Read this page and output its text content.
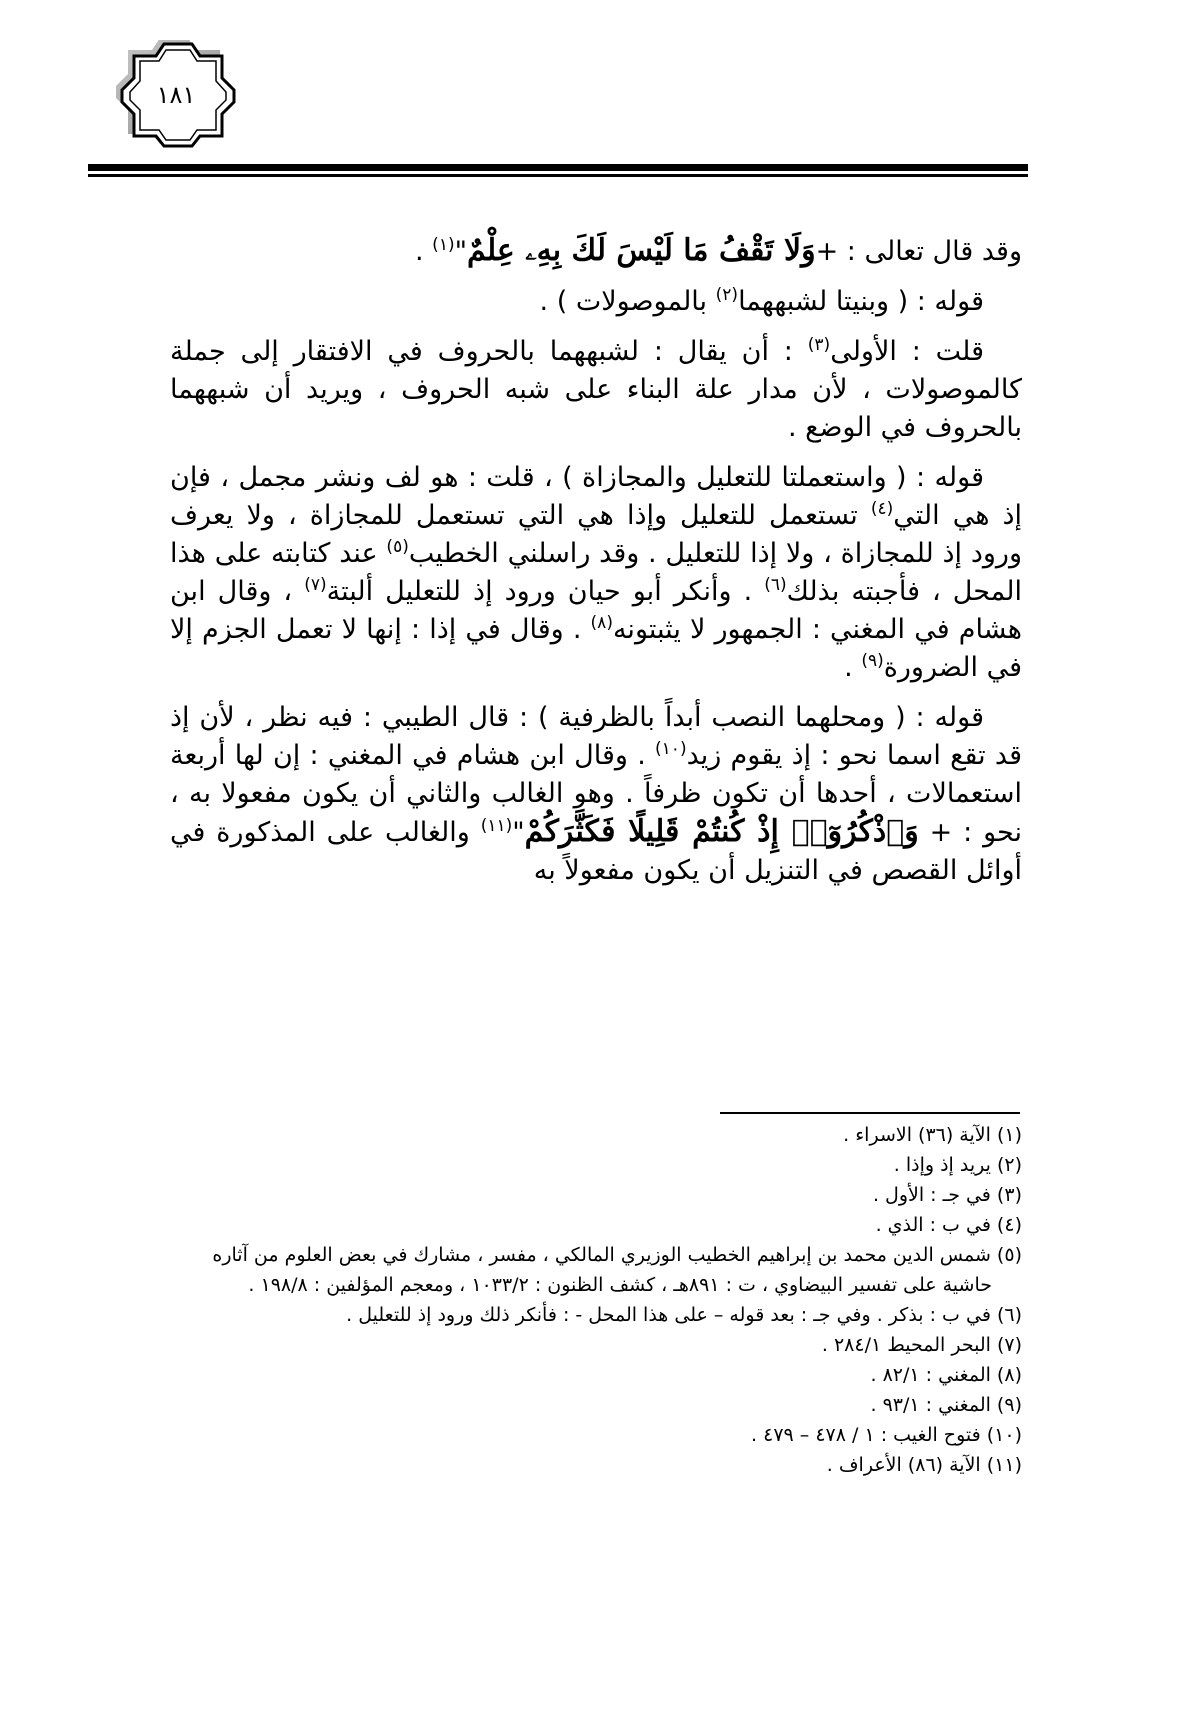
١٨١

وقد قال تعالى : +وَلَا تَقْفُ مَا لَيْسَ لَكَ بِهِۦ عِلْمٌ"$^{(١)}$ .

قوله : ( وبنيتا لشبههما$^{(٢)}$ بالموصولات ) .

قلت : الأولى$^{(٣)}$ : أن يقال : لشبههما بالحروف في الافتقار إلى جملة كالموصولات ، لأن مدار علة البناء على شبه الحروف ، ويريد أن شبههما بالحروف في الوضع .

قوله : ( واستعملتا للتعليل والمجازاة ) ، قلت : هو لف ونشر مجمل ، فإن إذ هي التي$^{(٤)}$ تستعمل للتعليل وإذا هي التي تستعمل للمجازاة ، ولا يعرف ورود إذ للمجازاة ، ولا إذا للتعليل . وقد راسلني الخطيب$^{(٥)}$ عند كتابته على هذا المحل ، فأجبته بذلك$^{(٦)}$ . وأنكر أبو حيان ورود إذ للتعليل ألبتة$^{(٧)}$ ، وقال ابن هشام في المغني : الجمهور لا يثبتونه$^{(٨)}$ . وقال في إذا : إنها لا تعمل الجزم إلا في الضرورة$^{(٩)}$ .

قوله : ( ومحلهما النصب أبداً بالظرفية ) : قال الطيبي : فيه نظر ، لأن إذ قد تقع اسما نحو : إذ يقوم زيد$^{(١٠)}$ . وقال ابن هشام في المغني : إن لها أربعة استعمالات ، أحدها أن تكون ظرفاً . وهو الغالب والثاني أن يكون مفعولا به ، نحو : + وَٱذْكُرُوٓا۟ إِذْ كُنتُمْ قَلِيلًا فَكَثَّرَكُمْ"$^{(١١)}$ والغالب على المذكورة في أوائل القصص في التنزيل أن يكون مفعولاً به

(١) الآية (٣٦) الاسراء .

(٢) يريد إذ وإذا .

(٣) في جـ : الأول .

(٤) في ب : الذي .

(٥) شمس الدين محمد بن إبراهيم الخطيب الوزيري المالكي ، مفسر ، مشارك في بعض العلوم من آثاره حاشية على تفسير البيضاوي ، ت : ٨٩١هـ ، كشف الظنون : ١٠٣٣/٢ ، ومعجم المؤلفين : ١٩٨/٨ .

(٦) في ب : بذكر . وفي جـ : بعد قوله – على هذا المحل - : فأنكر ذلك ورود إذ للتعليل .

(٧) البحر المحيط ٢٨٤/١ .

(٨) المغني : ٨٢/١ .

(٩) المغني : ٩٣/١ .

(١٠) فتوح الغيب : ١ / ٤٧٨ – ٤٧٩ .

(١١) الآية (٨٦) الأعراف .
